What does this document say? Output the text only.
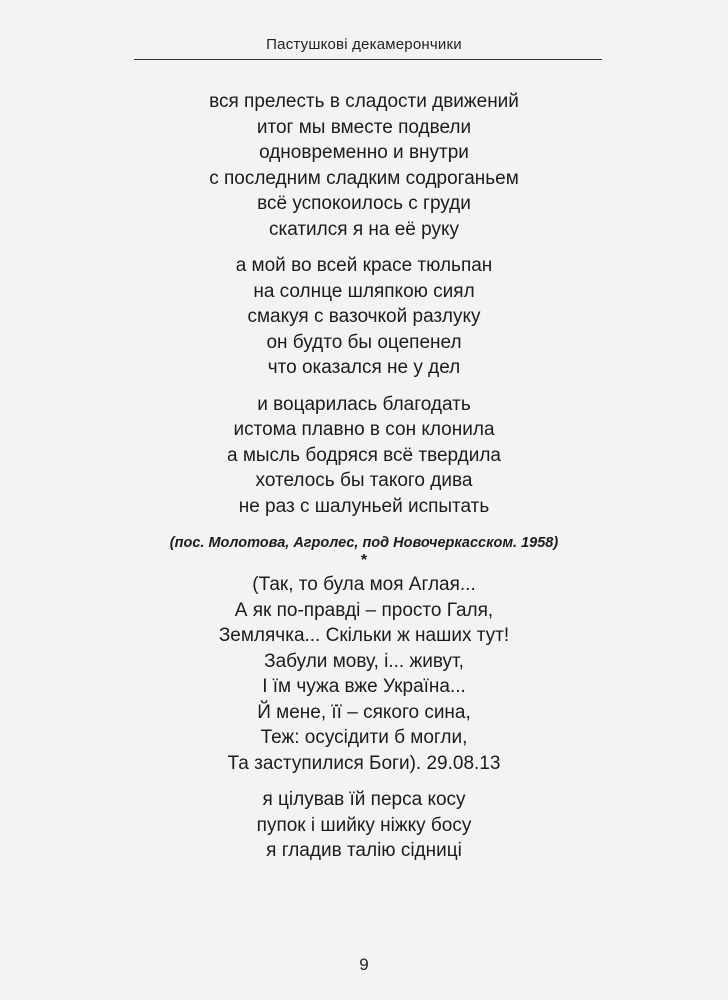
Пастушкові декамерончики
вся прелесть в сладости движений
итог мы вместе подвели
одновременно и внутри
с последним сладким содроганьем
всё успокоилось с груди
скатился я на её руку
а мой во всей красе тюльпан
на солнце шляпкою сиял
смакуя с вазочкой разлуку
он будто бы оцепенел
что оказался не у дел
и воцарилась благодать
истома плавно в сон клонила
а мысль бодряся всё твердила
хотелось бы такого дива
не раз с шалуньей испытать
(пос. Молотова, Агролес, под Новочеркасском. 1958)
*
(Так, то була моя Аглая...
А як по-правді – просто Галя,
Землячка... Скільки ж наших тут!
Забули мову, і... живут,
І їм чужа вже Україна...
Й мене, її – сякого сина,
Теж: осусідити б могли,
Та заступилися Боги). 29.08.13
я цілував їй перса косу
пупок і шийку ніжку босу
я гладив талію сідниці
9
